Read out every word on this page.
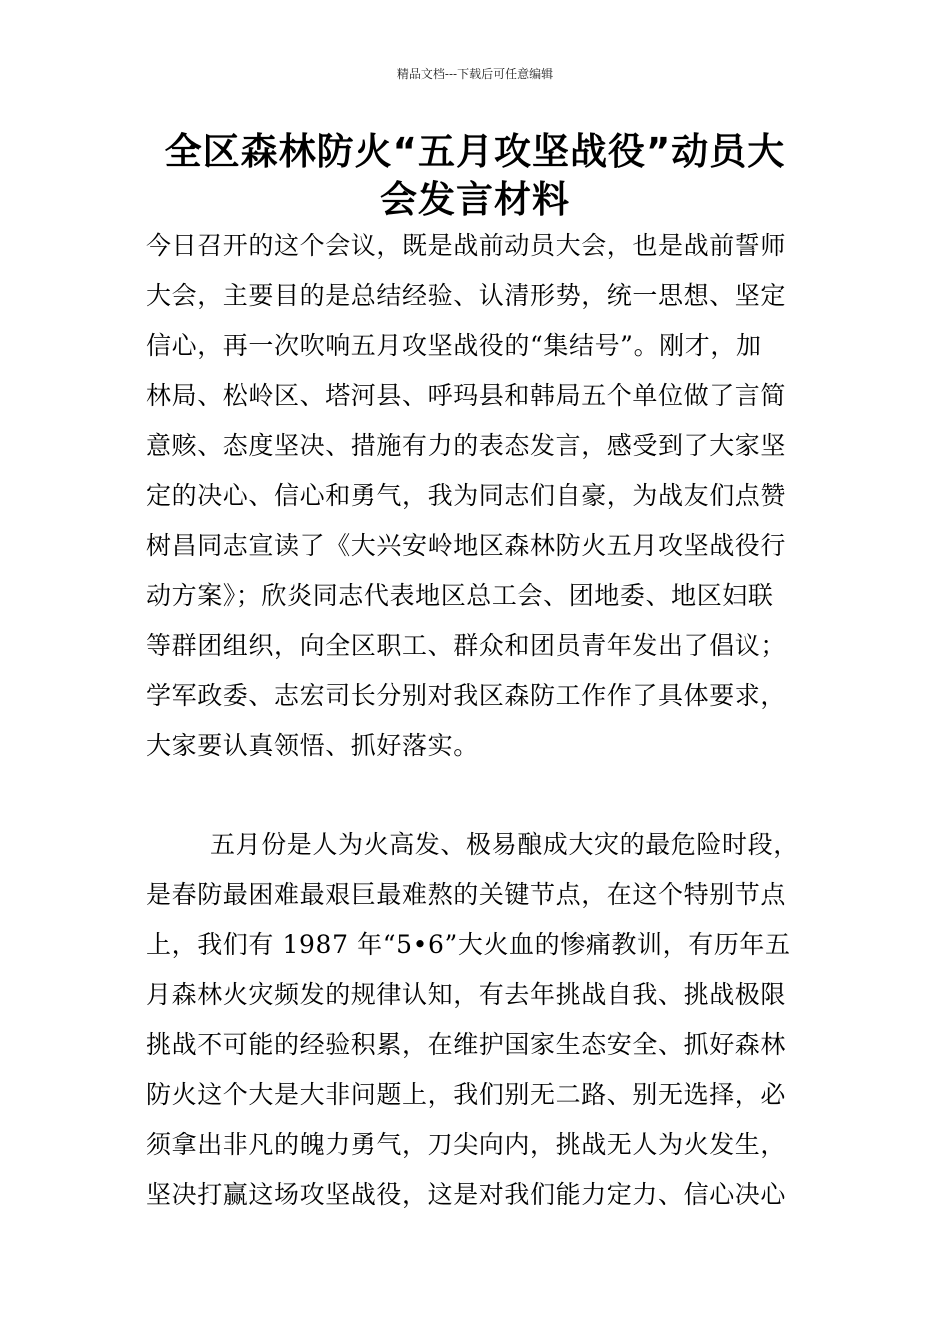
精品文档---下载后可任意编辑
全区森林防火“五月攻坚战役”动员大
会发言材料
今日召开的这个会议，既是战前动员大会，也是战前誓师
大会，主要目的是总结经验、认清形势，统一思想、坚定
信心，再一次吹响五月攻坚战役的“集结号”。刚才，加
林局、松岭区、塔河县、呼玛县和韩局五个单位做了言简
意赅、态度坚决、措施有力的表态发言，感受到了大家坚
定的决心、信心和勇气，我为同志们自豪，为战友们点赞
树昌同志宣读了《大兴安岭地区森林防火五月攻坚战役行
动方案》；欣炎同志代表地区总工会、团地委、地区妇联
等群团组织，向全区职工、群众和团员青年发出了倡议；
学军政委、志宏司长分别对我区森防工作作了具体要求，
大家要认真领悟、抓好落实。
五月份是人为火高发、极易酿成大灾的最危险时段，
是春防最困难最艰巨最难熬的关键节点，在这个特别节点
上，我们有 1987 年“5•6”大火血的惨痛教训，有历年五
月森林火灾频发的规律认知，有去年挑战自我、挑战极限
挑战不可能的经验积累，在维护国家生态安全、抓好森林
防火这个大是大非问题上，我们别无二路、别无选择，必
须拿出非凡的魄力勇气，刀尖向内，挑战无人为火发生，
坚决打赢这场攻坚战役，这是对我们能力定力、信心决心
